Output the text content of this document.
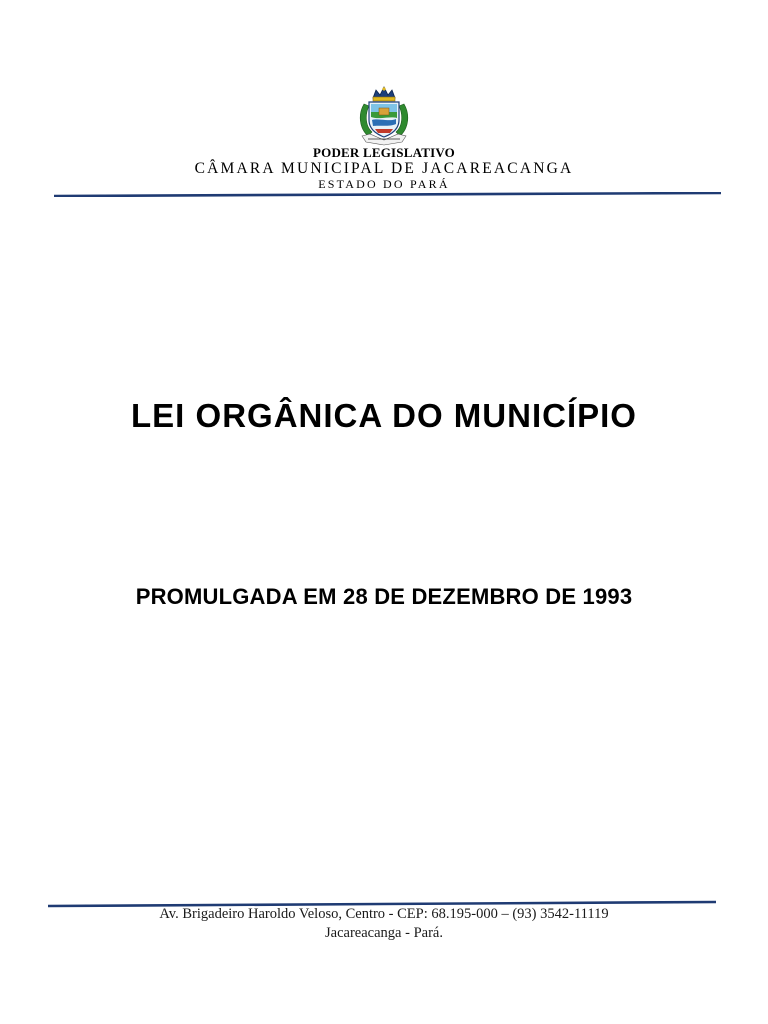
PODER LEGISLATIVO
CÂMARA MUNICIPAL DE JACAREACANGA
ESTADO DO PARÁ
LEI ORGÂNICA DO MUNICÍPIO
PROMULGADA EM 28 DE DEZEMBRO DE 1993
Av. Brigadeiro Haroldo Veloso, Centro - CEP: 68.195-000 – (93) 3542-11119
Jacareacanga - Pará.
